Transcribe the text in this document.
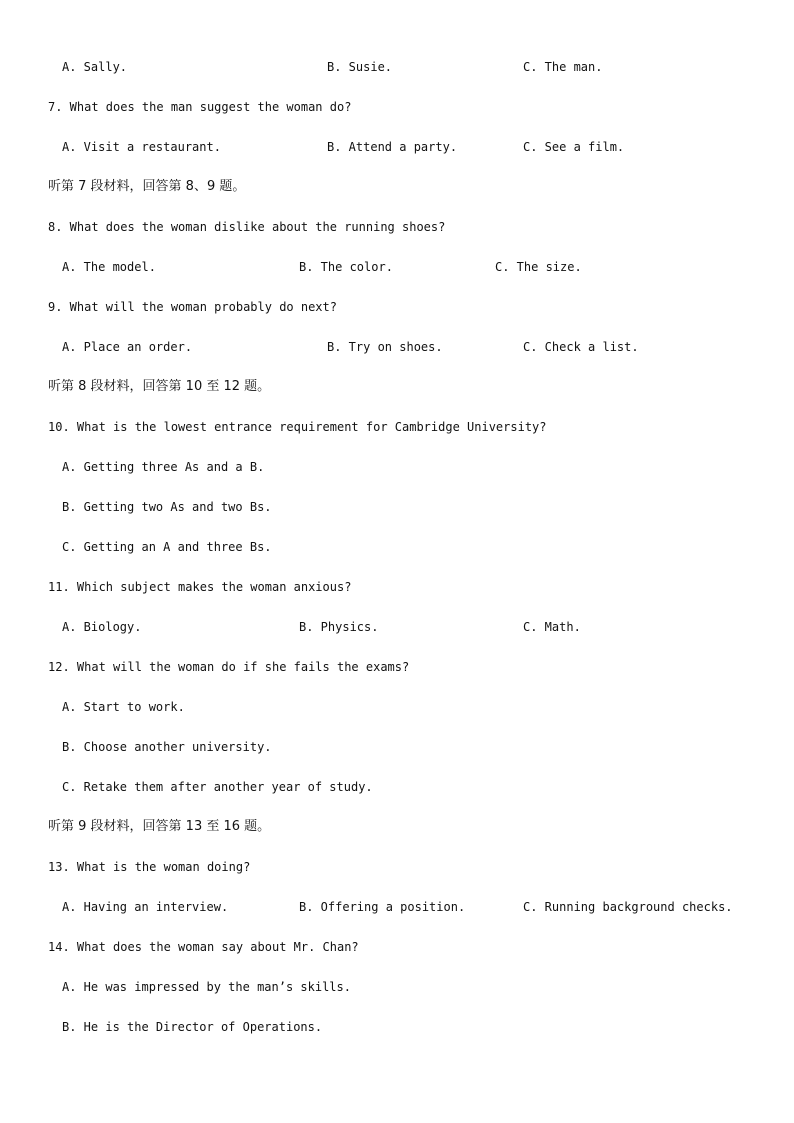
A. Sally.

	B. Susie.

	C. The man.

7. What does the man suggest the woman do?

A. Visit a restaurant.

	B. Attend a party.

	C. See a film.

听第 7 段材料，回答第 8、9 题。
8. What does the woman dislike about the running shoes?

A. The model.

	B. The color.

	C. The size.

9. What will the woman probably do next?

A. Place an order.

	B. Try on shoes.

	C. Check a list.

听第 8 段材料，回答第 10 至 12 题。
10. What is the lowest entrance requirement for Cambridge University?
A. Getting three As and a B.
B. Getting two As and two Bs.
C. Getting an A and three Bs.
11. Which subject makes the woman anxious?

A. Biology.

	B. Physics.

	C. Math.

12. What will the woman do if she fails the exams?
A. Start to work.
B. Choose another university.
C. Retake them after another year of study.
听第 9 段材料，回答第 13 至 16 题。
13. What is the woman doing?

A. Having an interview.

	B. Offering a position.

	C. Running background checks.

14. What does the woman say about Mr. Chan?
A. He was impressed by the man’s skills.
B. He is the Director of Operations.
